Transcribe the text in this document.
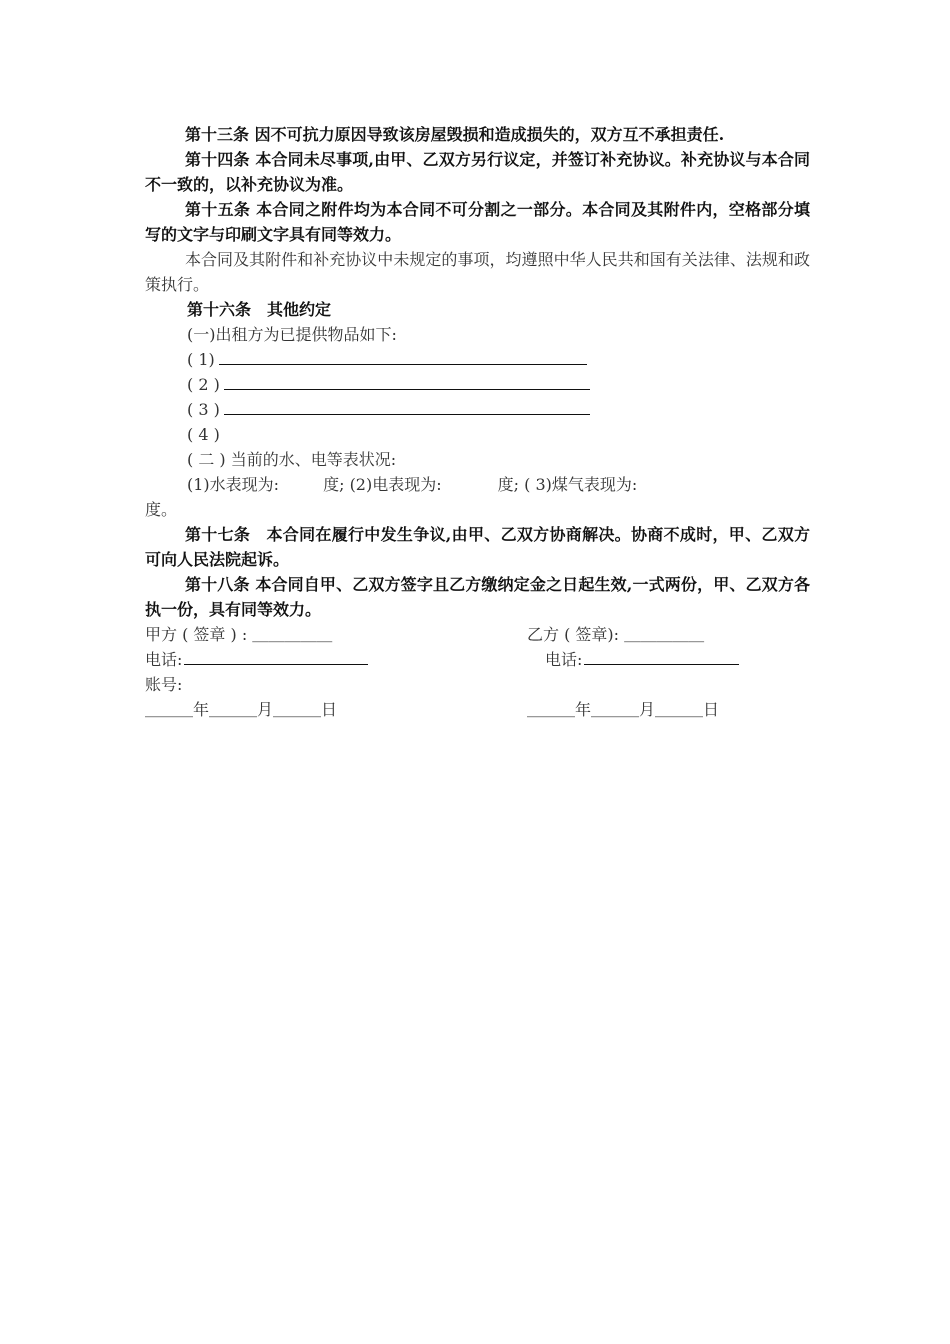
第十三条 因不可抗力原因导致该房屋毁损和造成损失的，双方互不承担责任.

第十四条 本合同未尽事项,由甲、乙双方另行议定，并签订补充协议。补充协议与本合同不一致的，以补充协议为准。

第十五条 本合同之附件均为本合同不可分割之一部分。本合同及其附件内，空格部分填写的文字与印刷文字具有同等效力。

本合同及其附件和补充协议中未规定的事项，均遵照中华人民共和国有关法律、法规和政策执行。

第十六条　其他约定

(一)出租方为已提供物品如下:

( 1)

( 2 )

( 3 )

( 4 )

( 二 ) 当前的水、电等表状况:

(1)水表现为:	度; (2)电表现为:	度; ( 3)煤气表现为:

度。

第十七条　本合同在履行中发生争议,由甲、乙双方协商解决。协商不成时，甲、乙双方可向人民法院起诉。

第十八条 本合同自甲、乙双方签字且乙方缴纳定金之日起生效,一式两份，甲、乙双方各执一份，具有同等效力。

甲方 ( 签章 ) : ＿＿＿＿＿	乙方 ( 签章): ＿＿＿＿＿
电话:	电话:
账号:
＿＿＿年＿＿＿月＿＿＿日	＿＿＿年＿＿＿月＿＿＿日
